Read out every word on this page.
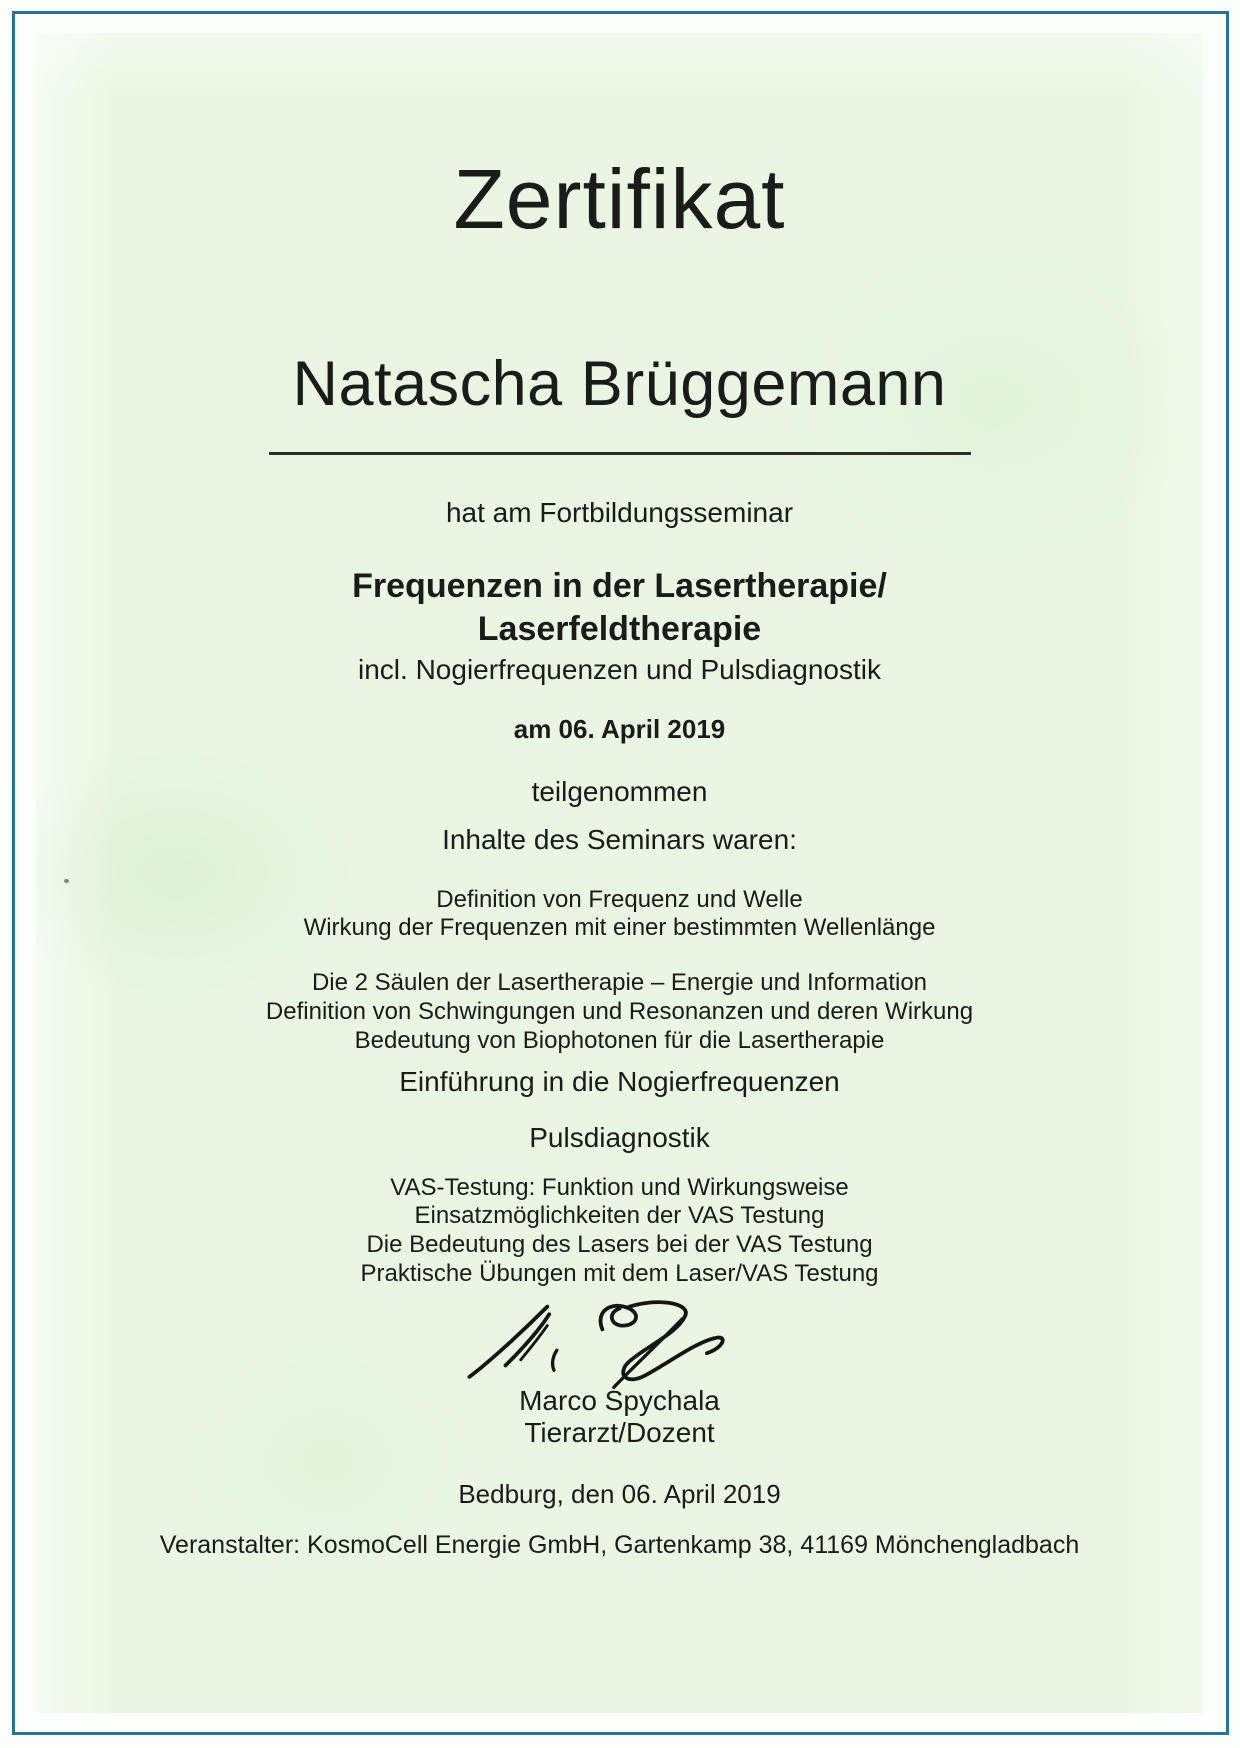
Zertifikat
Natascha Brüggemann
hat am Fortbildungsseminar
Frequenzen in der Lasertherapie/
Laserfeldtherapie
incl. Nogierfrequenzen und Pulsdiagnostik
am 06. April 2019
teilgenommen
Inhalte des Seminars waren:
Definition von Frequenz und Welle
Wirkung der Frequenzen mit einer bestimmten Wellenlänge
Die 2 Säulen der Lasertherapie – Energie und Information
Definition von Schwingungen und Resonanzen und deren Wirkung
Bedeutung von Biophotonen für die Lasertherapie
Einführung in die Nogierfrequenzen
Pulsdiagnostik
VAS-Testung: Funktion und Wirkungsweise
Einsatzmöglichkeiten der VAS Testung
Die Bedeutung des Lasers bei der VAS Testung
Praktische Übungen mit dem Laser/VAS Testung
Marco Spychala
Tierarzt/Dozent
Bedburg, den 06. April 2019
Veranstalter: KosmoCell Energie GmbH, Gartenkamp 38, 41169 Mönchengladbach
